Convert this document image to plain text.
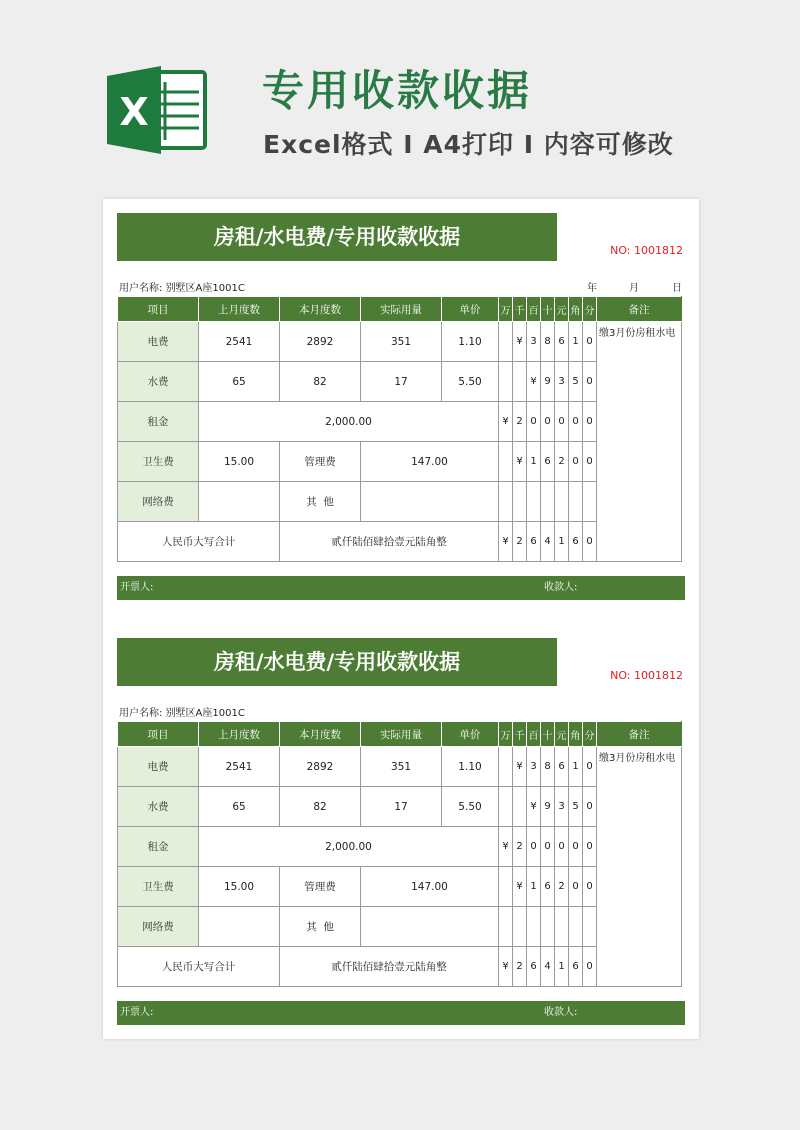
X	专用收款收据
Excel格式 I A4打印 I 内容可修改
房租/水电费/专用收款收据
NO: 1001812
用户名称: 别墅区A座1001C	年	月	日
项目	上月度数	本月度数	实际用量	单价	万	千	百	十	元	角	分	备注
电费	2541	2892	351	1.10		¥	3	8	6	1	0	缴3月份房租水电
水费	65	82	17	5.50			¥	9	3	5	0	
租金	2,000.00				¥	2	0	0	0	0	0	
卫生费	15.00	管理费	147.00			¥	1	6	2	0	0	
网络费		其  他										
人民币大写合计		贰仟陆佰肆拾壹元陆角整			¥	2	6	4	1	6	0	
开票人:	收款人:
房租/水电费/专用收款收据
NO: 1001812
用户名称: 别墅区A座1001C
项目	上月度数	本月度数	实际用量	单价	万	千	百	十	元	角	分	备注
电费	2541	2892	351	1.10		¥	3	8	6	1	0	缴3月份房租水电
水费	65	82	17	5.50			¥	9	3	5	0	
租金	2,000.00				¥	2	0	0	0	0	0	
卫生费	15.00	管理费	147.00			¥	1	6	2	0	0	
网络费		其  他										
人民币大写合计		贰仟陆佰肆拾壹元陆角整			¥	2	6	4	1	6	0	
开票人:	收款人:
